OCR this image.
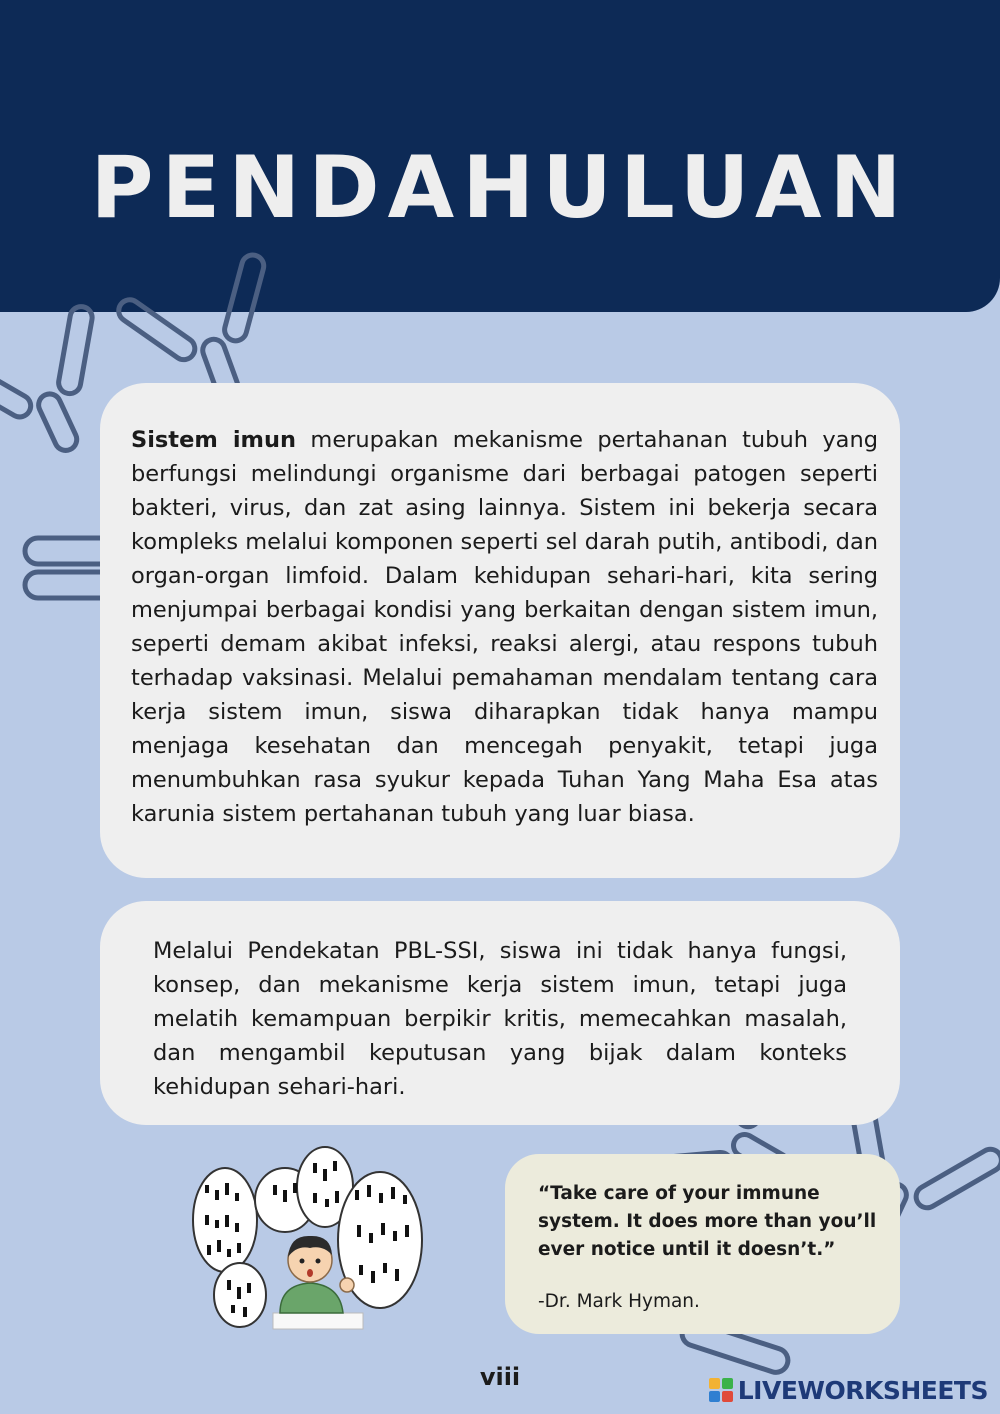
PENDAHULUAN
Sistem imun merupakan mekanisme pertahanan tubuh yang berfungsi melindungi organisme dari berbagai patogen seperti bakteri, virus, dan zat asing lainnya. Sistem ini bekerja secara kompleks melalui komponen seperti sel darah putih, antibodi, dan organ-organ limfoid. Dalam kehidupan sehari-hari, kita sering menjumpai berbagai kondisi yang berkaitan dengan sistem imun, seperti demam akibat infeksi, reaksi alergi, atau respons tubuh terhadap vaksinasi. Melalui pemahaman mendalam tentang cara kerja sistem imun, siswa diharapkan tidak hanya mampu menjaga kesehatan dan mencegah penyakit, tetapi juga menumbuhkan rasa syukur kepada Tuhan Yang Maha Esa atas karunia sistem pertahanan tubuh yang luar biasa.
Melalui Pendekatan PBL-SSI, siswa ini tidak hanya fungsi, konsep, dan mekanisme kerja sistem imun, tetapi juga melatih kemampuan berpikir kritis, memecahkan masalah, dan mengambil keputusan yang bijak dalam konteks kehidupan sehari-hari.
“Take care of your immune system. It does more than you’ll ever notice until it doesn’t.”
-Dr. Mark Hyman.
viii	LIVEWORKSHEETS
